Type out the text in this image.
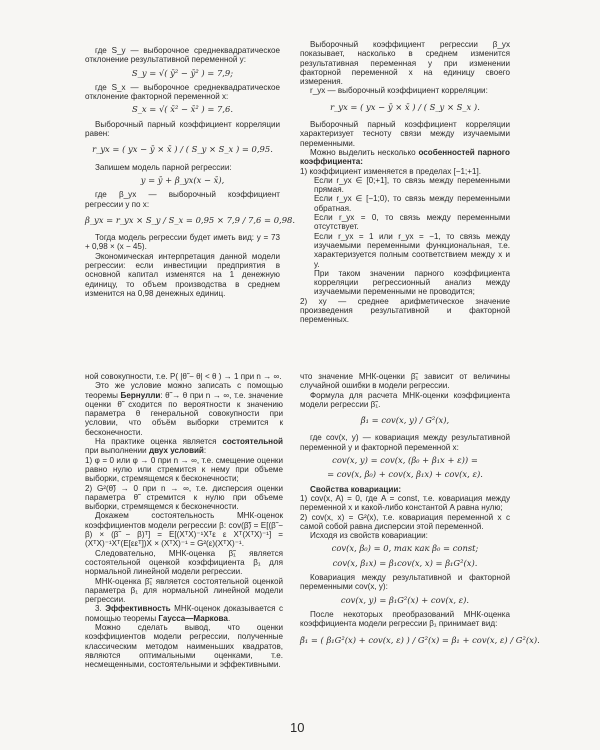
где S_y — выборочное среднеквадратическое отклонение результативной переменной y:

S_y = √( ȳ² − ȳ² ) = 7,9;

где S_x — выборочное среднеквадратическое отклонение факторной переменной x:

S_x = √( x̄² − x̄² ) = 7,6.

Выборочный парный коэффициент корреляции равен:

r_yx = ( yx − ȳ × x̄ ) / ( S_y × S_x ) = 0,95.

Запишем модель парной регрессии:

y = ȳ + β_yx(x − x̄),

где β_yx — выборочный коэффициент регрессии y по x:

β_yx = r_yx × S_y / S_x = 0,95 × 7,9 / 7,6 = 0,98.

Тогда модель регрессии будет иметь вид: y = 73 + 0,98 × (x − 45).

Экономическая интерпретация данной модели регрессии: если инвестиции предприятия в основной капитал изменятся на 1 денежную единицу, то объем производства в среднем изменится на 0,98 денежных единиц.

Выборочный коэффициент регрессии β_yx показывает, насколько в среднем изменится результативная переменная y при изменении факторной переменной x на единицу своего измерения.

r_yx — выборочный коэффициент корреляции:

r_yx = ( yx − ȳ × x̄ ) / ( S_y × S_x ).

Выборочный парный коэффициент корреляции характеризует тесноту связи между изучаемыми переменными.

Можно выделить несколько особенностей парного коэффициента:

1) коэффициент изменяется в пределах [−1;+1].

Если r_yx ∈ [0;+1], то связь между переменными прямая.

Если r_yx ∈ [−1;0), то связь между переменными обратная.

Если r_yx = 0, то связь между переменными отсутствует.

Если r_yx = 1 или r_yx = −1, то связь между изучаемыми переменными функциональная, т.е. характеризуется полным соответствием между x и y.

При таком значении парного коэффициента корреляции регрессионный анализ между изучаемыми переменными не проводится;

2) xy — среднее арифметическое значение произведения результативной и факторной переменных.

ной совокупности, т.е. P( |θ̃ − θ| < θ ) → 1 при n → ∞.

Это же условие можно записать с помощью теоремы Бернулли: θ̃ → θ при n → ∞, т.е. значение оценки θ̃ сходится по вероятности к значению параметра θ генеральной совокупности при условии, что объём выборки стремится к бесконечности.

На практике оценка является состоятельной при выполнении двух условий:

1) φ = 0 или φ → 0 при n → ∞, т.е. смещение оценки равно нулю или стремится к нему при объеме выборки, стремящемся к бесконечности;

2) G²(θ̃) → 0 при n → ∞, т.е. дисперсия оценки параметра θ̃ стремится к нулю при объеме выборки, стремящемся к бесконечности.

Докажем состоятельность МНК-оценок коэффициентов модели регрессии β: cov(β̃) = E[(β̃ − β) × (β̃ − β)ᵀ] = E[(XᵀX)⁻¹Xᵀε ε Xᵀ(XᵀX)⁻¹] = (XᵀX)⁻¹Xᵀ(E[εεᵀ])X × (XᵀX)⁻¹ = G²(ε)(XᵀX)⁻¹.

Следовательно, МНК-оценка β̃₁ является состоятельной оценкой коэффициента β₁ для нормальной линейной модели регрессии.

МНК-оценка β̃₁ является состоятельной оценкой параметра β₁ для нормальной линейной модели регрессии.

3. Эффективность МНК-оценок доказывается с помощью теоремы Гаусса—Маркова.

Можно сделать вывод, что оценки коэффициентов модели регрессии, полученные классическим методом наименьших квадратов, являются оптимальными оценками, т.е. несмещенными, состоятельными и эффективными.

что значение МНК-оценки β̃₁ зависит от величины случайной ошибки в модели регрессии.

Формула для расчета МНК-оценки коэффициента модели регрессии β̃₁.

β̃₁ = cov(x, y) / G²(x),

где cov(x, y) — ковариация между результативной переменной y и факторной переменной x:

cov(x, y) = cov(x, (β₀ + β₁x + ε)) =
= cov(x, β₀) + cov(x, β₁x) + cov(x, ε).

Свойства ковариации:

1) cov(x, A) = 0, где A = const, т.е. ковариация между переменной x и какой-либо константой A равна нулю;

2) cov(x, x) = G²(x), т.е. ковариация переменной x с самой собой равна дисперсии этой переменной.

Исходя из свойств ковариации:

cov(x, β₀) = 0, так как β₀ = const;
cov(x, β₁x) = β₁cov(x, x) = β₁G²(x).

Ковариация между результативной и факторной переменными cov(x, y):

cov(x, y) = β₁G²(x) + cov(x, ε).

После некоторых преобразований МНК-оценка коэффициента модели регрессии β₁ принимает вид:

β̃₁ = ( β₁G²(x) + cov(x, ε) ) / G²(x) = β₁ + cov(x, ε) / G²(x).
10
